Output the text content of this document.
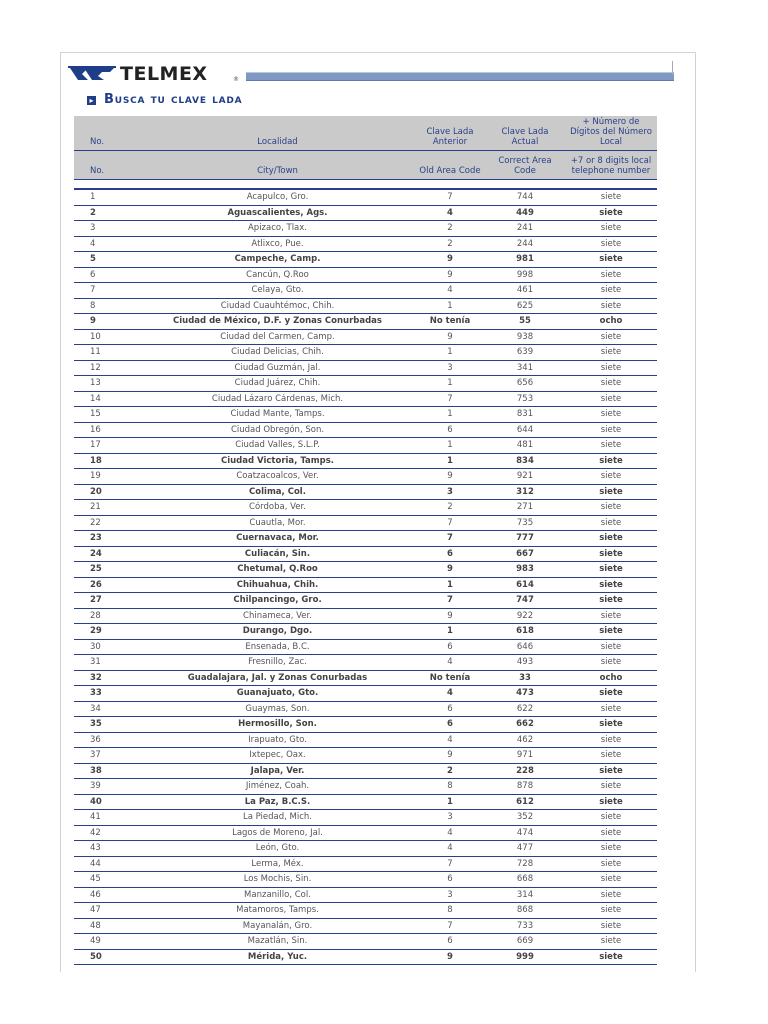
TELMEX	®
▸ Busca tu clave lada
No.	Localidad	Clave Lada Anterior	Clave Lada Actual	+ Número de Dígitos del Número Local
No.	City/Town	Old Area Code	Correct Area Code	+7 or 8 digits local telephone number

1	Acapulco, Gro.	7	744	siete
2	Aguascalientes, Ags.	4	449	siete
3	Apizaco, Tlax.	2	241	siete
4	Atlixco, Pue.	2	244	siete
5	Campeche, Camp.	9	981	siete
6	Cancún, Q.Roo	9	998	siete
7	Celaya, Gto.	4	461	siete
8	Ciudad Cuauhtémoc, Chih.	1	625	siete
9	Ciudad de México, D.F. y Zonas Conurbadas	No tenía	55	ocho
10	Ciudad del Carmen, Camp.	9	938	siete
11	Ciudad Delicias, Chih.	1	639	siete
12	Ciudad Guzmán, Jal.	3	341	siete
13	Ciudad Juárez, Chih.	1	656	siete
14	Ciudad Lázaro Cárdenas, Mich.	7	753	siete
15	Ciudad Mante, Tamps.	1	831	siete
16	Ciudad Obregón, Son.	6	644	siete
17	Ciudad Valles, S.L.P.	1	481	siete
18	Ciudad Victoria, Tamps.	1	834	siete
19	Coatzacoalcos, Ver.	9	921	siete
20	Colima, Col.	3	312	siete
21	Córdoba, Ver.	2	271	siete
22	Cuautla, Mor.	7	735	siete
23	Cuernavaca, Mor.	7	777	siete
24	Culiacán, Sin.	6	667	siete
25	Chetumal, Q.Roo	9	983	siete
26	Chihuahua, Chih.	1	614	siete
27	Chilpancingo, Gro.	7	747	siete
28	Chinameca, Ver.	9	922	siete
29	Durango, Dgo.	1	618	siete
30	Ensenada, B.C.	6	646	siete
31	Fresnillo, Zac.	4	493	siete
32	Guadalajara, Jal. y Zonas Conurbadas	No tenía	33	ocho
33	Guanajuato, Gto.	4	473	siete
34	Guaymas, Son.	6	622	siete
35	Hermosillo, Son.	6	662	siete
36	Irapuato, Gto.	4	462	siete
37	Ixtepec, Oax.	9	971	siete
38	Jalapa, Ver.	2	228	siete
39	Jiménez, Coah.	8	878	siete
40	La Paz, B.C.S.	1	612	siete
41	La Piedad, Mich.	3	352	siete
42	Lagos de Moreno, Jal.	4	474	siete
43	León, Gto.	4	477	siete
44	Lerma, Méx.	7	728	siete
45	Los Mochis, Sin.	6	668	siete
46	Manzanillo, Col.	3	314	siete
47	Matamoros, Tamps.	8	868	siete
48	Mayanalán, Gro.	7	733	siete
49	Mazatlán, Sin.	6	669	siete
50	Mérida, Yuc.	9	999	siete
